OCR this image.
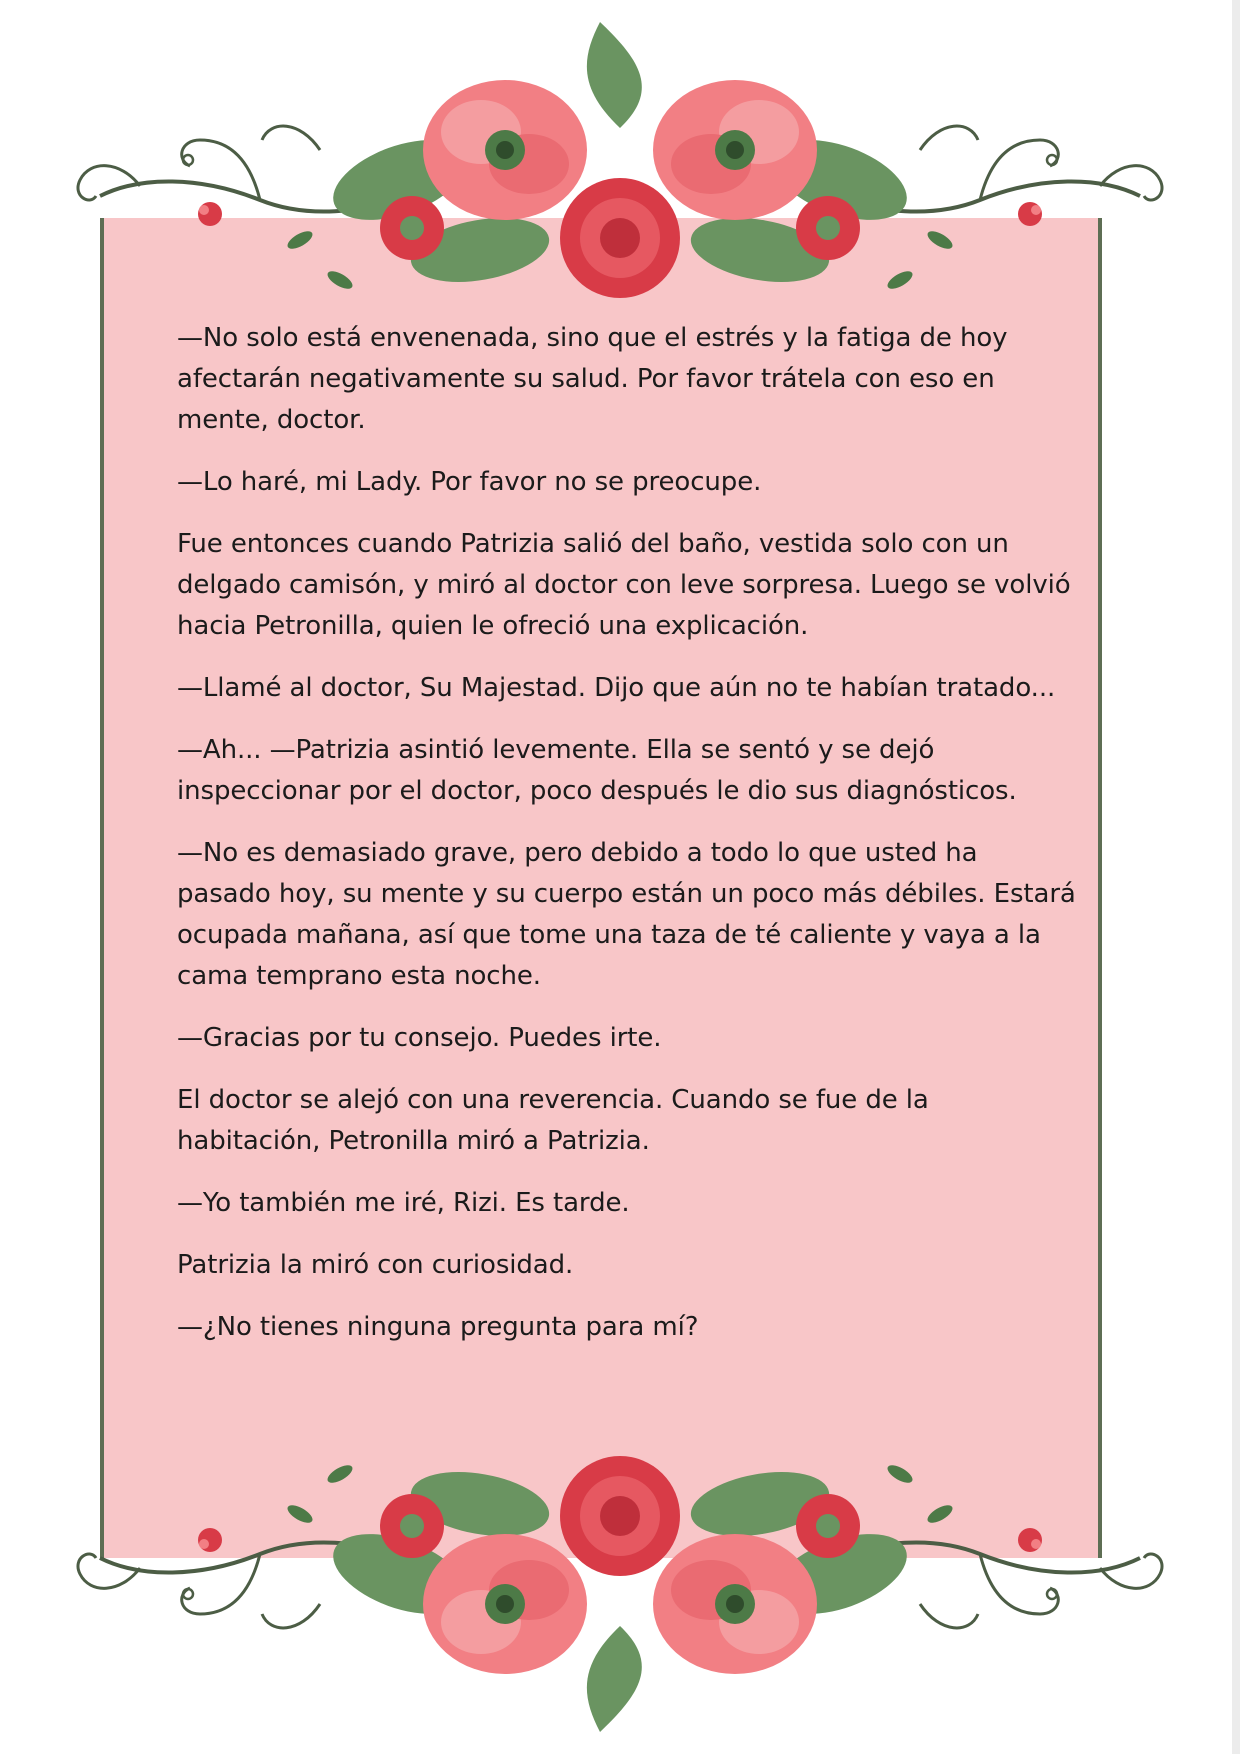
—No solo está envenenada, sino que el estrés y la fatiga de hoy afectarán negativamente su salud. Por favor trátela con eso en mente, doctor.

—Lo haré, mi Lady. Por favor no se preocupe.

Fue entonces cuando Patrizia salió del baño, vestida solo con un delgado camisón, y miró al doctor con leve sorpresa. Luego se volvió hacia Petronilla, quien le ofreció una explicación.

—Llamé al doctor, Su Majestad. Dijo que aún no te habían tratado...

—Ah... —Patrizia asintió levemente. Ella se sentó y se dejó inspeccionar por el doctor, poco después le dio sus diagnósticos.

—No es demasiado grave, pero debido a todo lo que usted ha pasado hoy, su mente y su cuerpo están un poco más débiles. Estará ocupada mañana, así que tome una taza de té caliente y vaya a la cama temprano esta noche.

—Gracias por tu consejo. Puedes irte.

El doctor se alejó con una reverencia. Cuando se fue de la habitación, Petronilla miró a Patrizia.

—Yo también me iré, Rizi. Es tarde.

Patrizia la miró con curiosidad.

—¿No tienes ninguna pregunta para mí?
